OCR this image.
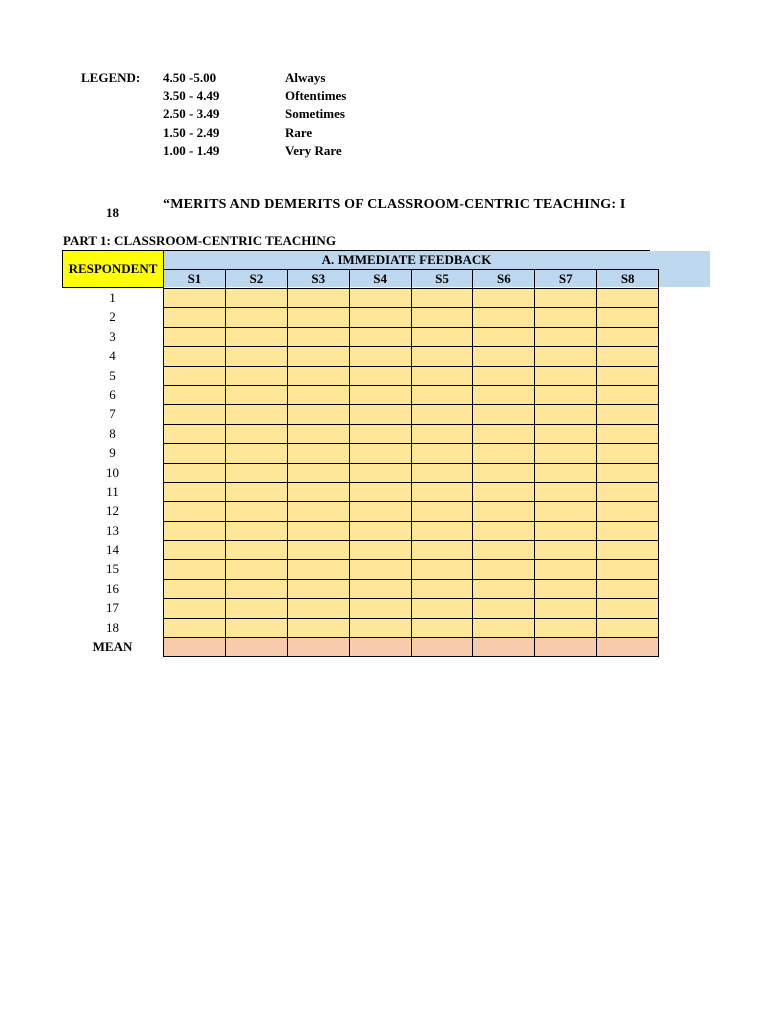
LEGEND: 4.50 -5.00	Always
3.50 - 4.49	Oftentimes
2.50 - 3.49	Sometimes
1.50 - 2.49	Rare
1.00 - 1.49	Very Rare
18
“MERITS AND DEMERITS OF CLASSROOM-CENTRIC TEACHING: I
PART 1: CLASSROOM-CENTRIC TEACHING
RESPONDENT
A. IMMEDIATE FEEDBACK
S1	S2	S3	S4	S5	S6	S7	S8

1
2
3
4
5
6
7
8
9
10
11
12
13
14
15
16
17
18
MEAN
